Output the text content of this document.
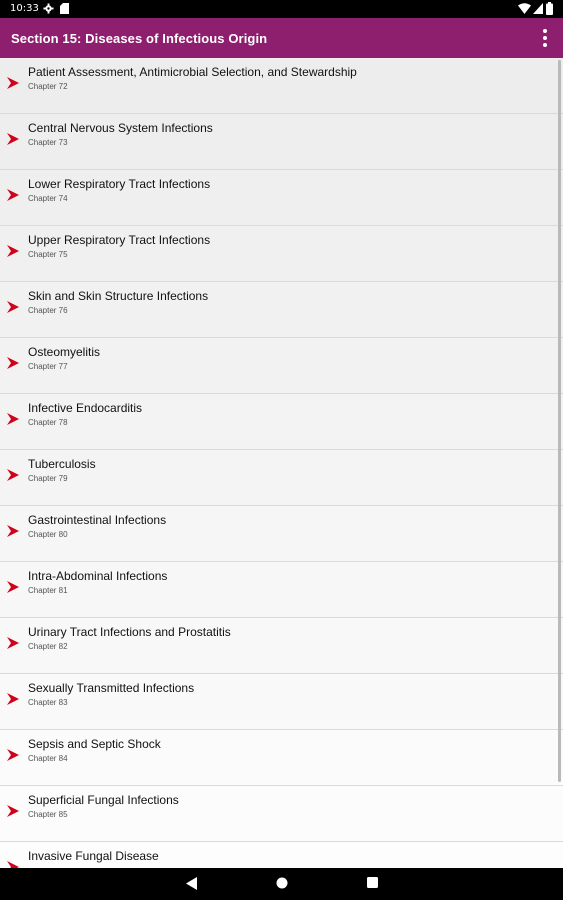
10:33
Section 15: Diseases of Infectious Origin
Patient Assessment, Antimicrobial Selection, and Stewardship
Chapter 72
Central Nervous System Infections
Chapter 73
Lower Respiratory Tract Infections
Chapter 74
Upper Respiratory Tract Infections
Chapter 75
Skin and Skin Structure Infections
Chapter 76
Osteomyelitis
Chapter 77
Infective Endocarditis
Chapter 78
Tuberculosis
Chapter 79
Gastrointestinal Infections
Chapter 80
Intra-Abdominal Infections
Chapter 81
Urinary Tract Infections and Prostatitis
Chapter 82
Sexually Transmitted Infections
Chapter 83
Sepsis and Septic Shock
Chapter 84
Superficial Fungal Infections
Chapter 85
Invasive Fungal Disease
